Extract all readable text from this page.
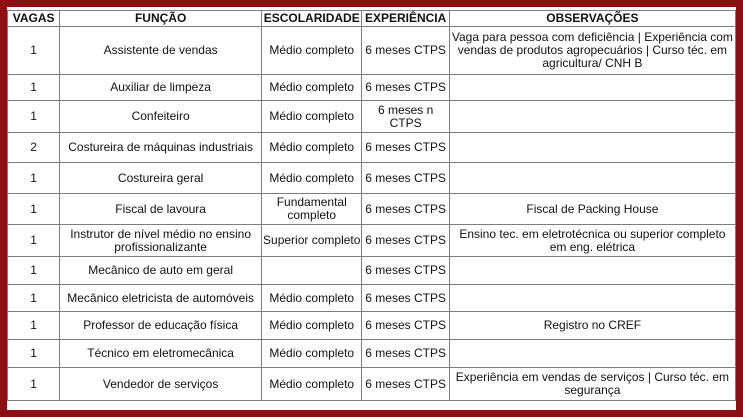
VAGAS	FUNÇÃO	ESCOLARIDADE	EXPERIÊNCIA	OBSERVAÇÕES
1	Assistente de vendas	Médio completo	6 meses CTPS	Vaga para pessoa com deficiência | Experiência com vendas de produtos agropecuários | Curso téc. em agricultura/ CNH B
1	Auxiliar de limpeza	Médio completo	6 meses CTPS	
1	Confeiteiro	Médio completo	6 meses n CTPS	
2	Costureira de máquinas industriais	Médio completo	6 meses CTPS	
1	Costureira geral	Médio completo	6 meses CTPS	
1	Fiscal de lavoura	Fundamental completo	6 meses CTPS	Fiscal de Packing House
1	Instrutor de nível médio no ensino profissionalizante	Superior completo	6 meses CTPS	Ensino tec. em eletrotécnica ou superior completo em eng. elétrica
1	Mecânico de auto em geral		6 meses CTPS	
1	Mecânico eletricista de automóveis	Médio completo	6 meses CTPS	
1	Professor de educação física	Médio completo	6 meses CTPS	Registro no CREF
1	Técnico em eletromecânica	Médio completo	6 meses CTPS	
1	Vendedor de serviços	Médio completo	6 meses CTPS	Experiência em vendas de serviços | Curso téc. em segurança
